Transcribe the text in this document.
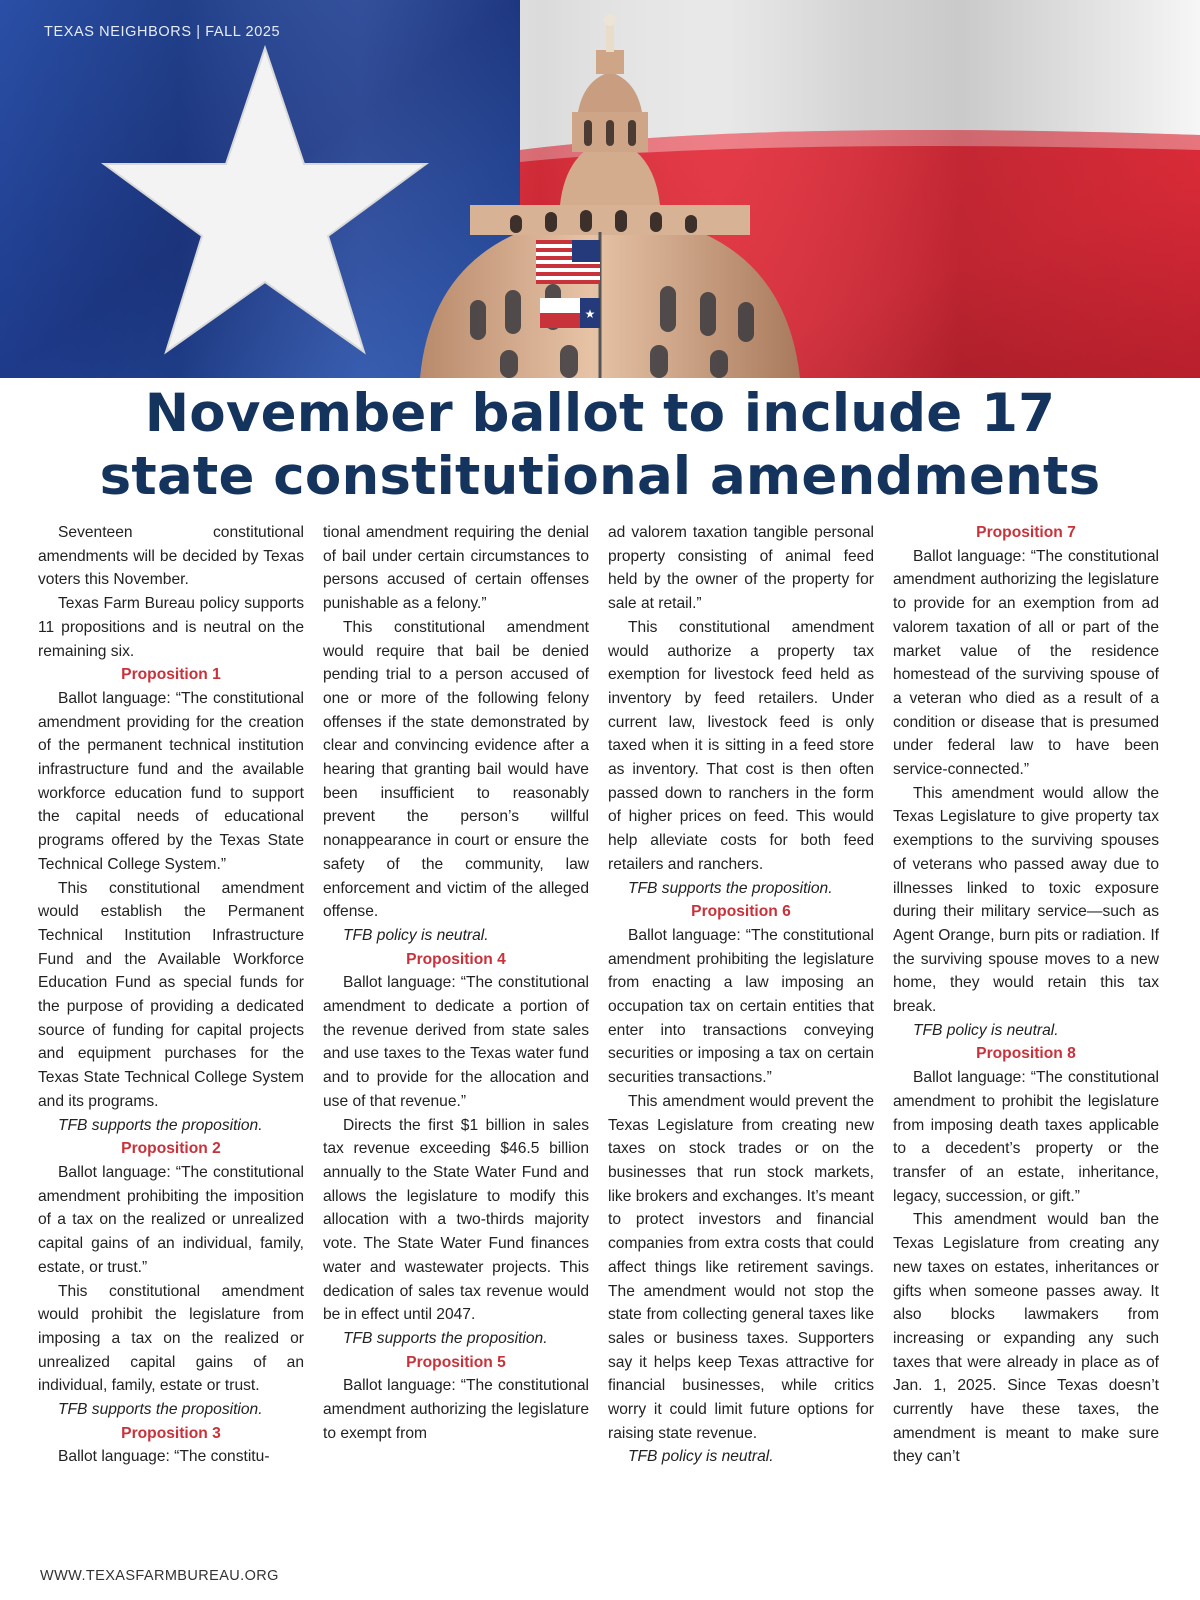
★
TEXAS NEIGHBORS | FALL 2025
November ballot to include 17
state constitutional amendments

Seventeen constitutional amendments will be decided by Texas voters this November.

Texas Farm Bureau policy supports 11 propositions and is neutral on the remaining six.

Proposition 1

Ballot language: “The constitutional amendment providing for the creation of the permanent technical institution infrastructure fund and the available workforce education fund to support the capital needs of educational programs offered by the Texas State Technical College System.”

This constitutional amendment would establish the Permanent Technical Institution Infrastructure Fund and the Available Workforce Education Fund as special funds for the purpose of providing a dedicated source of funding for capital projects and equipment purchases for the Texas State Technical College System and its programs.

TFB supports the proposition.

Proposition 2

Ballot language: “The constitutional amendment prohibiting the imposition of a tax on the realized or unrealized capital gains of an individual, family, estate, or trust.”

This constitutional amendment would prohibit the legislature from imposing a tax on the realized or unrealized capital gains of an individual, family, estate or trust.

TFB supports the proposition.

Proposition 3

Ballot language: “The constitu-

tional amendment requiring the denial of bail under certain circumstances to persons accused of certain offenses punishable as a felony.”

This constitutional amendment would require that bail be denied pending trial to a person accused of one or more of the following felony offenses if the state demonstrated by clear and convincing evidence after a hearing that granting bail would have been insufficient to reasonably prevent the person’s willful nonappearance in court or ensure the safety of the community, law enforcement and victim of the alleged offense.

TFB policy is neutral.

Proposition 4

Ballot language: “The constitutional amendment to dedicate a portion of the revenue derived from state sales and use taxes to the Texas water fund and to provide for the allocation and use of that revenue.”

Directs the first $1 billion in sales tax revenue exceeding $46.5 billion annually to the State Water Fund and allows the legislature to modify this allocation with a two-thirds majority vote. The State Water Fund finances water and wastewater projects. This dedication of sales tax revenue would be in effect until 2047.

TFB supports the proposition.

Proposition 5

Ballot language: “The constitutional amendment authorizing the legislature to exempt from

ad valorem taxation tangible personal property consisting of animal feed held by the owner of the property for sale at retail.”

This constitutional amendment would authorize a property tax exemption for livestock feed held as inventory by feed retailers. Under current law, livestock feed is only taxed when it is sitting in a feed store as inventory. That cost is then often passed down to ranchers in the form of higher prices on feed. This would help alleviate costs for both feed retailers and ranchers.

TFB supports the proposition.

Proposition 6

Ballot language: “The constitutional amendment prohibiting the legislature from enacting a law imposing an occupation tax on certain entities that enter into transactions conveying securities or imposing a tax on certain securities transactions.”

This amendment would prevent the Texas Legislature from creating new taxes on stock trades or on the businesses that run stock markets, like brokers and exchanges. It’s meant to protect investors and financial companies from extra costs that could affect things like retirement savings. The amendment would not stop the state from collecting general taxes like sales or business taxes. Supporters say it helps keep Texas attractive for financial businesses, while critics worry it could limit future options for raising state revenue.

TFB policy is neutral.

Proposition 7

Ballot language: “The constitutional amendment authorizing the legislature to provide for an exemption from ad valorem taxation of all or part of the market value of the residence homestead of the surviving spouse of a veteran who died as a result of a condition or disease that is presumed under federal law to have been service-connected.”

This amendment would allow the Texas Legislature to give property tax exemptions to the surviving spouses of veterans who passed away due to illnesses linked to toxic exposure during their military service—such as Agent Orange, burn pits or radiation. If the surviving spouse moves to a new home, they would retain this tax break.

TFB policy is neutral.

Proposition 8

Ballot language: “The constitutional amendment to prohibit the legislature from imposing death taxes applicable to a decedent’s property or the transfer of an estate, inheritance, legacy, succession, or gift.”

This amendment would ban the Texas Legislature from creating any new taxes on estates, inheritances or gifts when someone passes away. It also blocks lawmakers from increasing or expanding any such taxes that were already in place as of Jan. 1, 2025. Since Texas doesn’t currently have these taxes, the amendment is meant to make sure they can’t

WWW.TEXASFARMBUREAU.ORG
